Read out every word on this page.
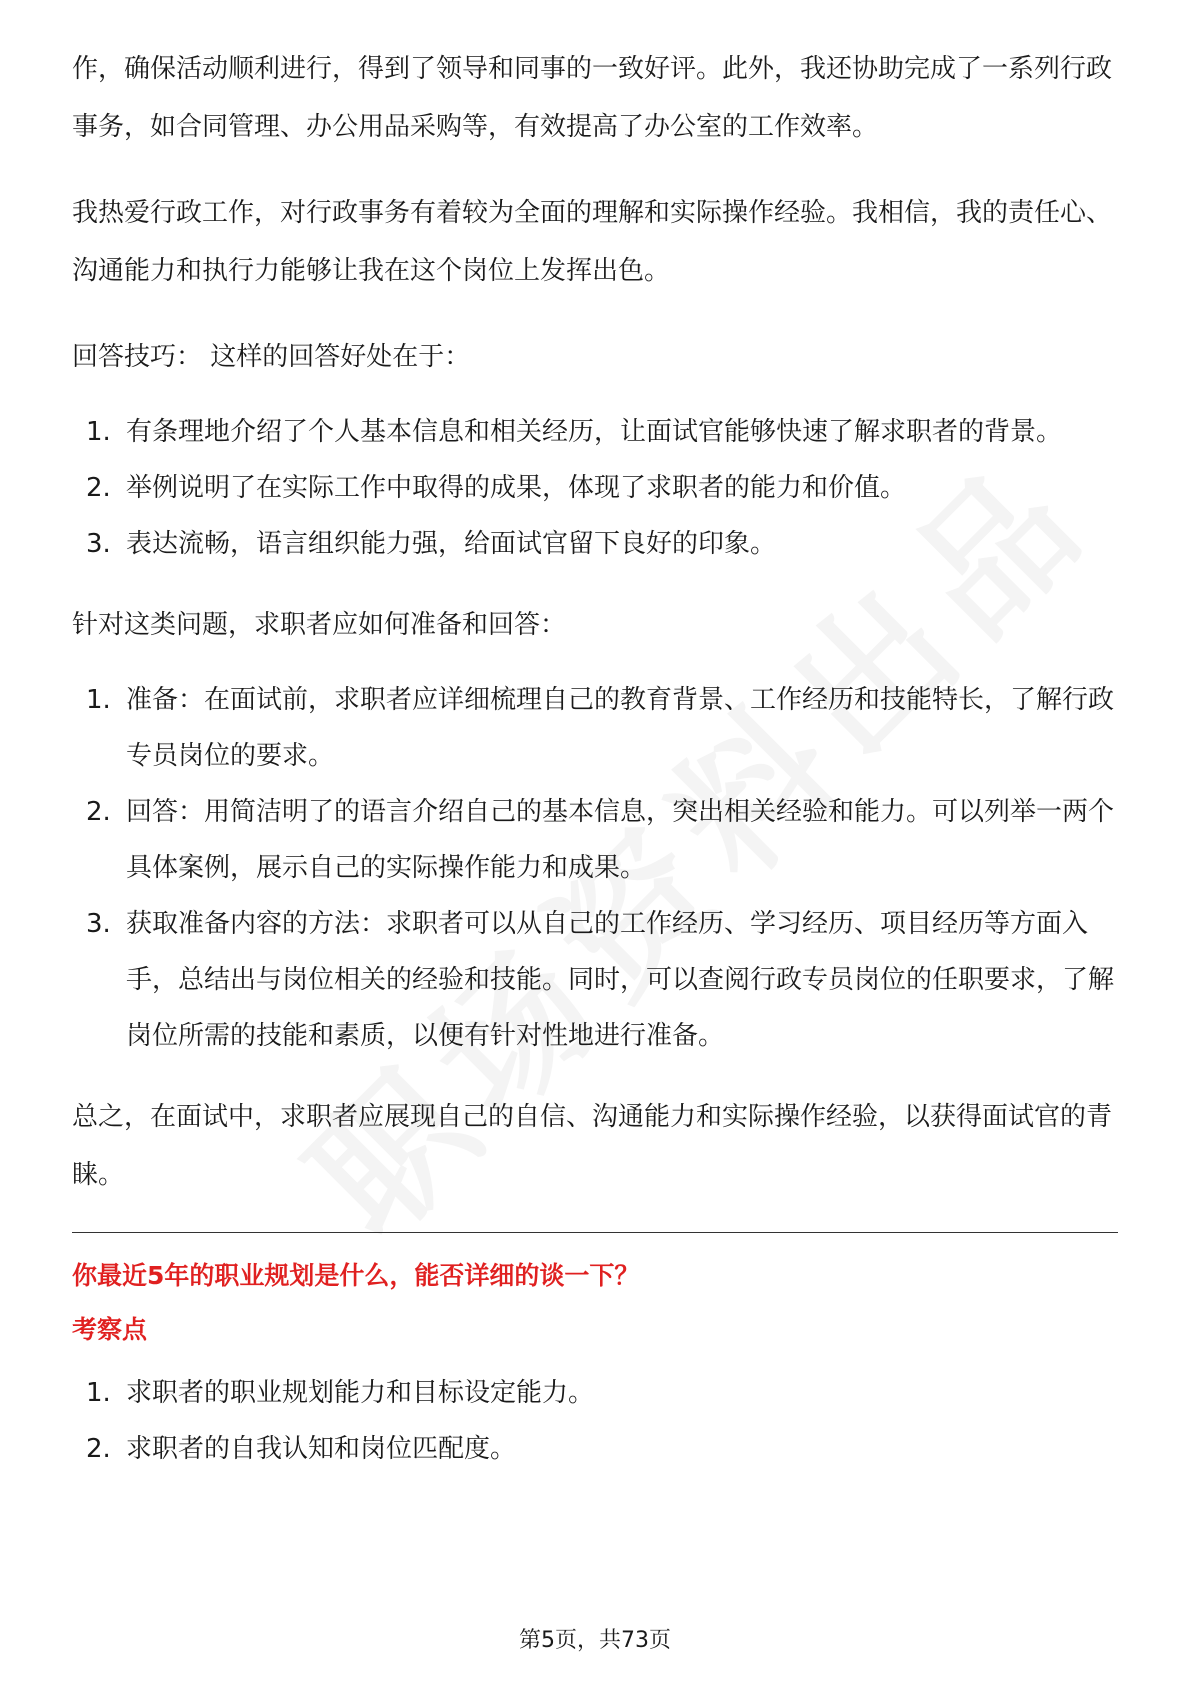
作，确保活动顺利进行，得到了领导和同事的一致好评。此外，我还协助完成了一系列行政事务，如合同管理、办公用品采购等，有效提高了办公室的工作效率。

我热爱行政工作，对行政事务有着较为全面的理解和实际操作经验。我相信，我的责任心、沟通能力和执行力能够让我在这个岗位上发挥出色。

回答技巧： 这样的回答好处在于：

1. 有条理地介绍了个人基本信息和相关经历，让面试官能够快速了解求职者的背景。
2. 举例说明了在实际工作中取得的成果，体现了求职者的能力和价值。
3. 表达流畅，语言组织能力强，给面试官留下良好的印象。

针对这类问题，求职者应如何准备和回答：

1. 准备：在面试前，求职者应详细梳理自己的教育背景、工作经历和技能特长，了解行政专员岗位的要求。
2. 回答：用简洁明了的语言介绍自己的基本信息，突出相关经验和能力。可以列举一两个具体案例，展示自己的实际操作能力和成果。
3. 获取准备内容的方法：求职者可以从自己的工作经历、学习经历、项目经历等方面入手，总结出与岗位相关的经验和技能。同时，可以查阅行政专员岗位的任职要求，了解岗位所需的技能和素质，以便有针对性地进行准备。

总之，在面试中，求职者应展现自己的自信、沟通能力和实际操作经验，以获得面试官的青睐。

你最近5年的职业规划是什么，能否详细的谈一下？

考察点

1. 求职者的职业规划能力和目标设定能力。
2. 求职者的自我认知和岗位匹配度。
第5页，共73页
